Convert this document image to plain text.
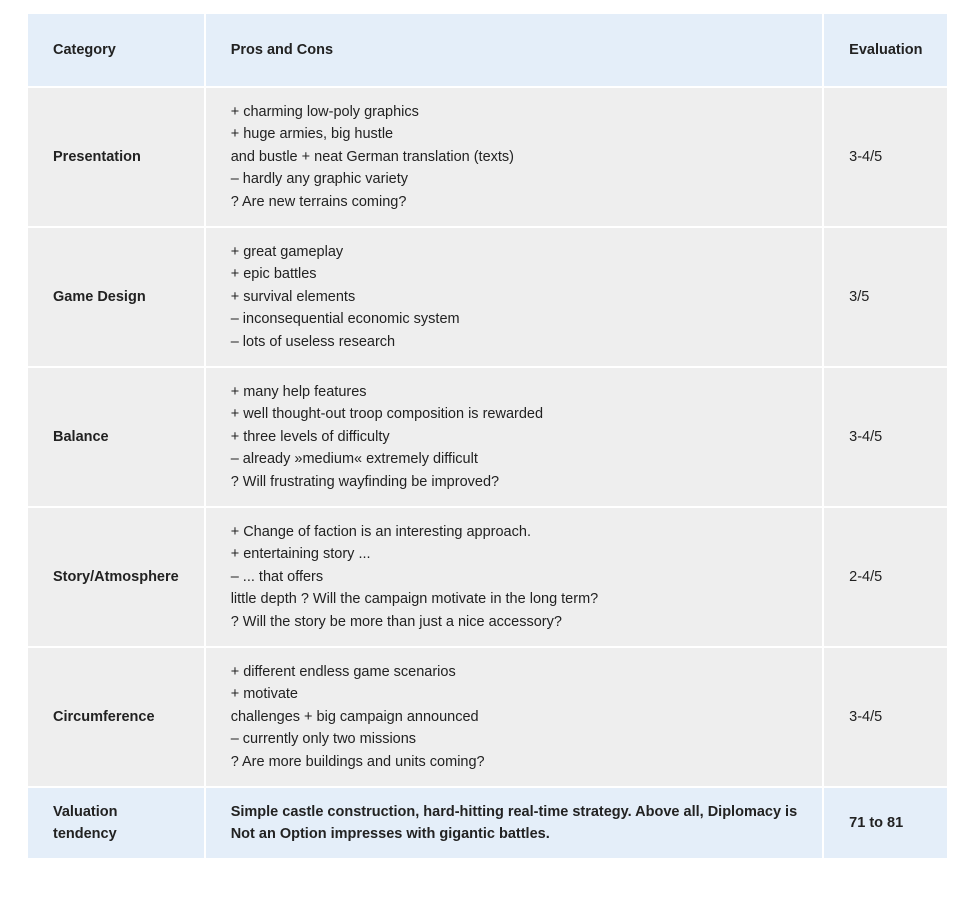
Category	Pros and Cons	Evaluation
Presentation	+ charming low-poly graphics
+ huge armies, big hustle
and bustle + neat German translation (texts)
– hardly any graphic variety
? Are new terrains coming?	3-4/5
Game Design	+ great gameplay
+ epic battles
+ survival elements
– inconsequential economic system
– lots of useless research	3/5
Balance	+ many help features
+ well thought-out troop composition is rewarded
+ three levels of difficulty
– already »medium« extremely difficult
? Will frustrating wayfinding be improved?	3-4/5
Story/Atmosphere	+ Change of faction is an interesting approach.
+ entertaining story ...
– ... that offers
little depth ? Will the campaign motivate in the long term?
? Will the story be more than just a nice accessory?	2-4/5
Circumference	+ different endless game scenarios
+ motivate
challenges + big campaign announced
– currently only two missions
? Are more buildings and units coming?	3-4/5

Valuation
tendency	Simple castle construction, hard-hitting real-time strategy. Above all, Diplomacy is
Not an Option impresses with gigantic battles.	71 to 81
